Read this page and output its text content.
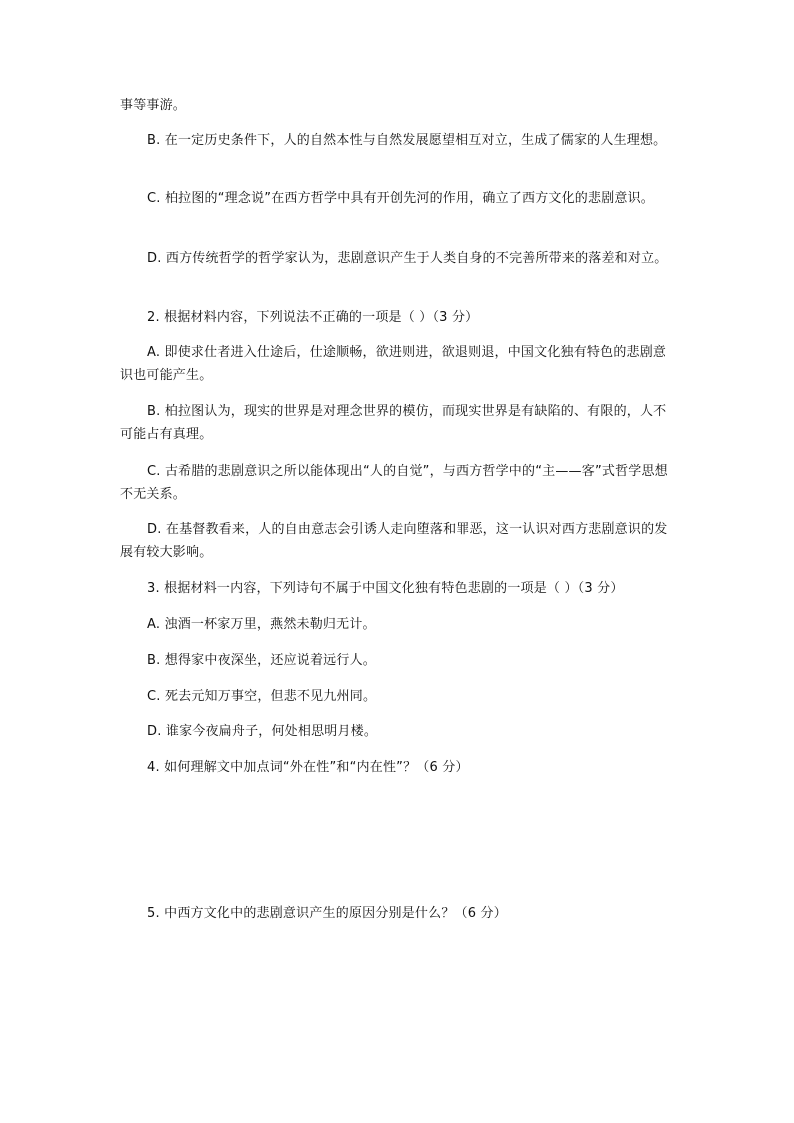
事等事游。

B. 在一定历史条件下，人的自然本性与自然发展愿望相互对立，生成了儒家的人生理想。

C. 柏拉图的“理念说”在西方哲学中具有开创先河的作用，确立了西方文化的悲剧意识。

D. 西方传统哲学的哲学家认为，悲剧意识产生于人类自身的不完善所带来的落差和对立。

2. 根据材料内容，下列说法不正确的一项是（ ）（3 分）

A. 即使求仕者进入仕途后，仕途顺畅，欲进则进，欲退则退，中国文化独有特色的悲剧意识也可能产生。

B. 柏拉图认为，现实的世界是对理念世界的模仿，而现实世界是有缺陷的、有限的，人不可能占有真理。

C. 古希腊的悲剧意识之所以能体现出“人的自觉”，与西方哲学中的“主——客”式哲学思想不无关系。

D. 在基督教看来，人的自由意志会引诱人走向堕落和罪恶，这一认识对西方悲剧意识的发展有较大影响。

3. 根据材料一内容，下列诗句不属于中国文化独有特色悲剧的一项是（ ）（3 分）

A. 浊酒一杯家万里，燕然未勒归无计。

B. 想得家中夜深坐，还应说着远行人。

C. 死去元知万事空，但悲不见九州同。

D. 谁家今夜扁舟子，何处相思明月楼。

4. 如何理解文中加点词“外在性”和“内在性”？（6 分）

5. 中西方文化中的悲剧意识产生的原因分别是什么？（6 分）
